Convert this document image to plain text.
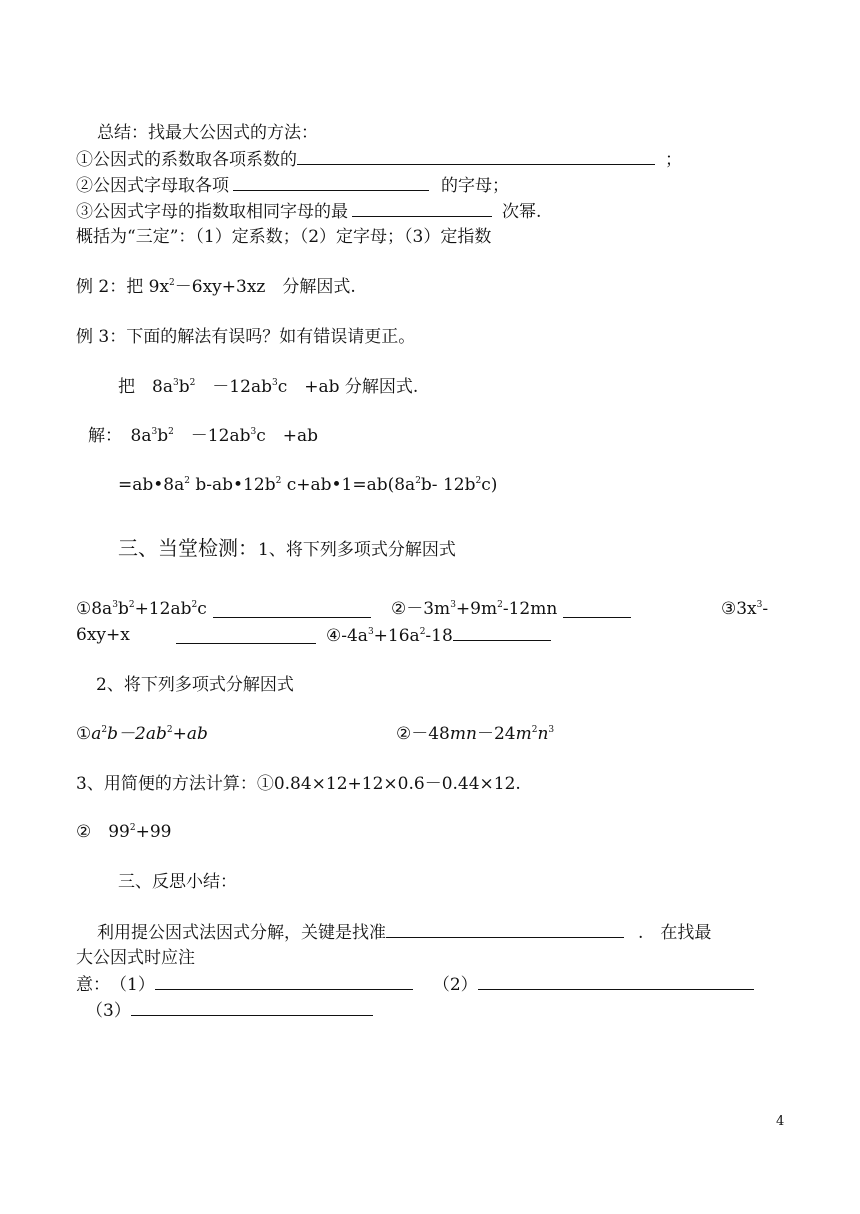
总结：找最大公因式的方法：
①公因式的系数取各项系数的	；
②公因式字母取各项	的字母；
③公因式字母的指数取相同字母的最	次幂.
概括为“三定”：（1）定系数；（2）定字母；（3）定指数
例 2：把 $9x^2-6xy+3xz$　分解因式.
例 3：下面的解法有误吗？如有错误请更正。
把　$8a^3b^2$　$-12ab^3c$　+ab 分解因式.
解：　$8a^3b^2$　$-12ab^3c$　+ab
$=ab•8a^2$ $b-ab•12b^2$ $c+ab•1=ab(8a^2b-$ $12b^2c$)
三、当堂检测：1、将下列多项式分解因式
$①8a^3b^2+12ab^2c$	$②-3m^3+9m^2-12mn$	$③3x^3-$
6xy+x	$④-4a^3+16a^2-18$
2、将下列多项式分解因式
$①a^2b-2ab^2+ab$	$②-48mn-24m^2n^3$
3、用简便的方法计算：①0.84×12+12×0.6－0.44×12.
②　$99^2+99$
三、反思小结：
利用提公因式法因式分解，关键是找准	.　在找最
大公因式时应注
意：　（1）	（2）
（3）
4
